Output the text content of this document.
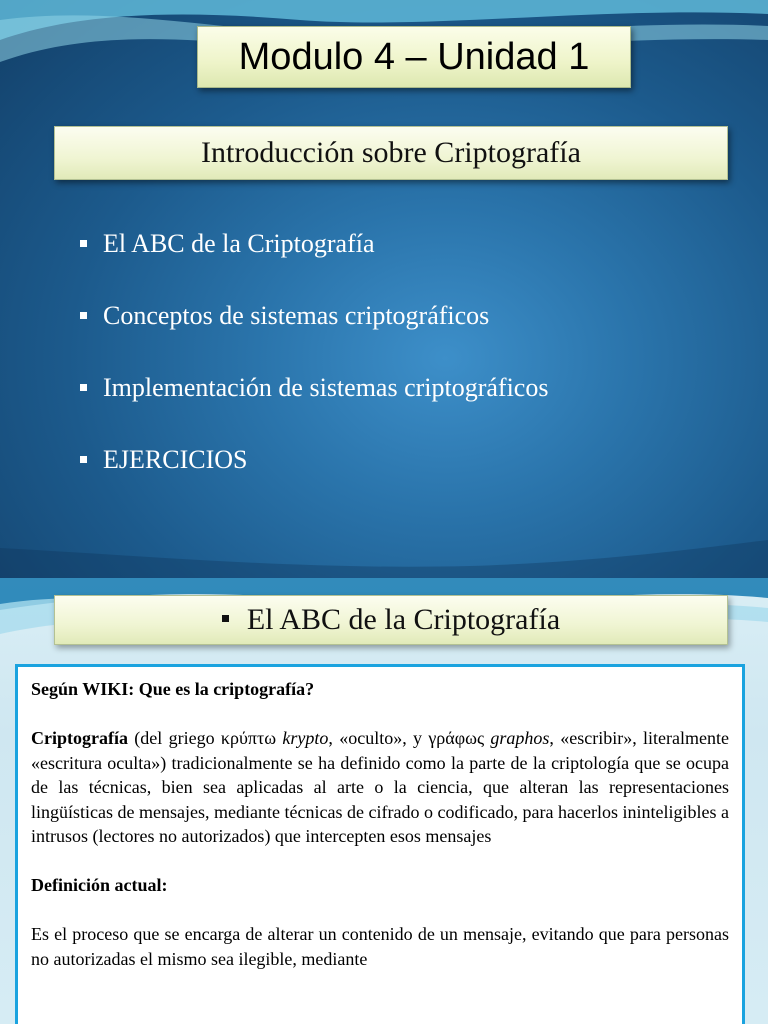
Modulo 4 – Unidad 1
Introducción sobre Criptografía
El ABC de la Criptografía
Conceptos de sistemas criptográficos
Implementación de sistemas criptográficos
EJERCICIOS
El ABC de la Criptografía

Según WIKI: Que es la criptografía?

Criptografía (del griego κρύπτω krypto, «oculto», y γράφως graphos, «escribir», literalmente «escritura oculta») tradicionalmente se ha definido como la parte de la criptología que se ocupa de las técnicas, bien sea aplicadas al arte o la ciencia, que alteran las representaciones lingüísticas de mensajes, mediante técnicas de cifrado o codificado, para hacerlos ininteligibles a intrusos (lectores no autorizados) que intercepten esos mensajes

Definición actual:

Es el proceso que se encarga de alterar un contenido de un mensaje, evitando que para personas no autorizadas el mismo sea ilegible, mediante
